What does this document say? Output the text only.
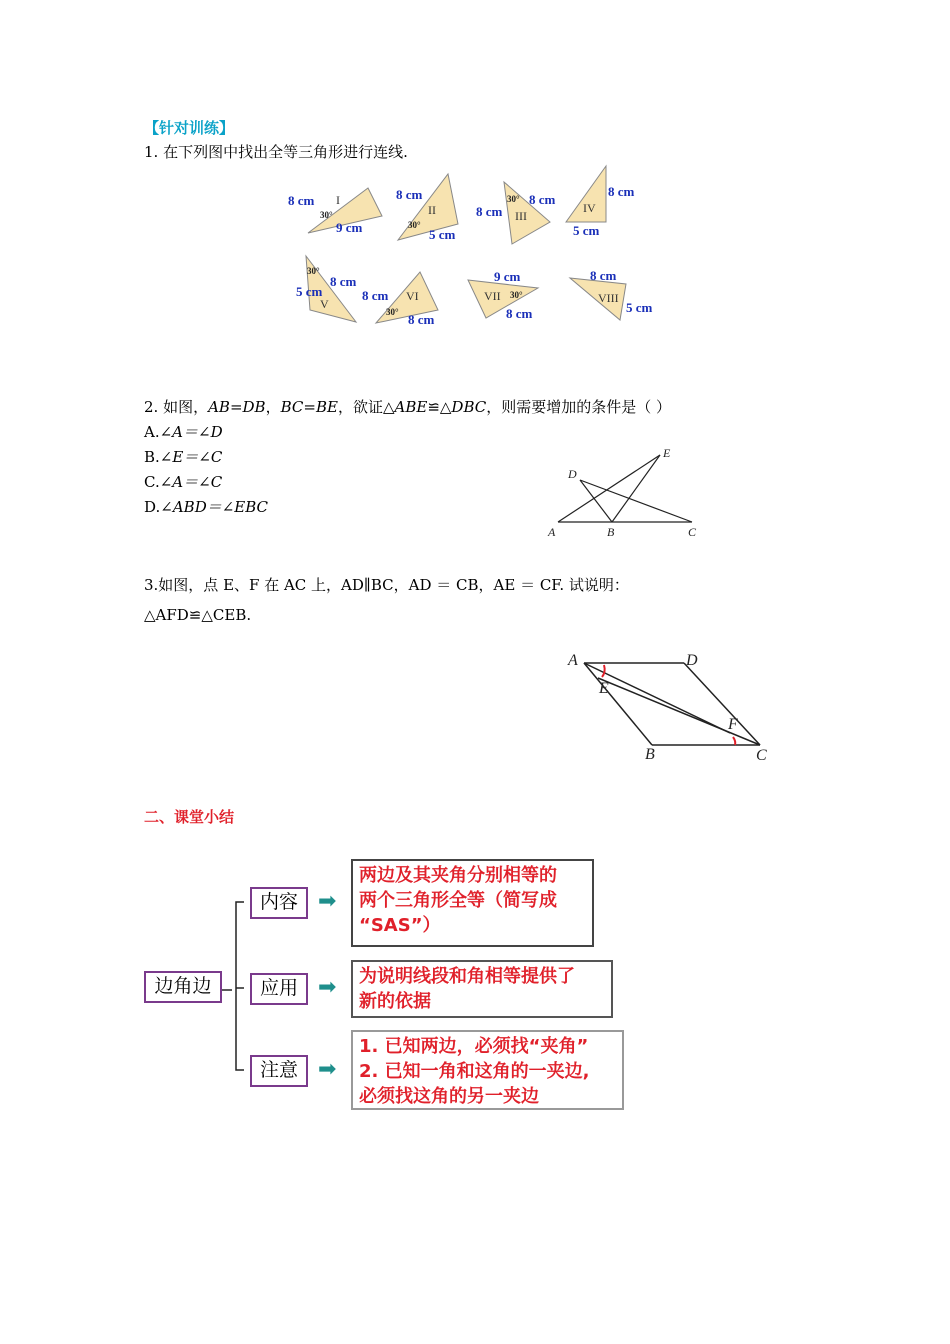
【针对训练】
1. 在下列图中找出全等三角形进行连线.
8 cm
9 cm
I
30°
8 cm
5 cm
II
30°
8 cm
8 cm
III
30°	8 cm
5 cm
IV
8 cm
5 cm
V
30°
8 cm
8 cm
VI
30°
9 cm
8 cm
VII 30°
8 cm
5 cm
VIII
2. 如图，AB=DB，BC=BE，欲证△ABE≌△DBC，则需要增加的条件是（ ）
A.∠A＝∠D
B.∠E＝∠C
C.∠A＝∠C
D.∠ABD＝∠EBC
A	B	C
D
E
3.如图，点 E、F 在 AC 上，AD∥BC，AD ＝ CB，AE ＝ CF. 试说明：
△AFD≌△CEB.
A	D
E
F
B	C
二、课堂小结
边角边
内容
应用
注意
➡
➡
➡
两边及其夹角分别相等的
两个三角形全等（简写成
“SAS”）
为说明线段和角相等提供了
新的依据
1. 已知两边，必须找“夹角”
2. 已知一角和这角的一夹边,
必须找这角的另一夹边
